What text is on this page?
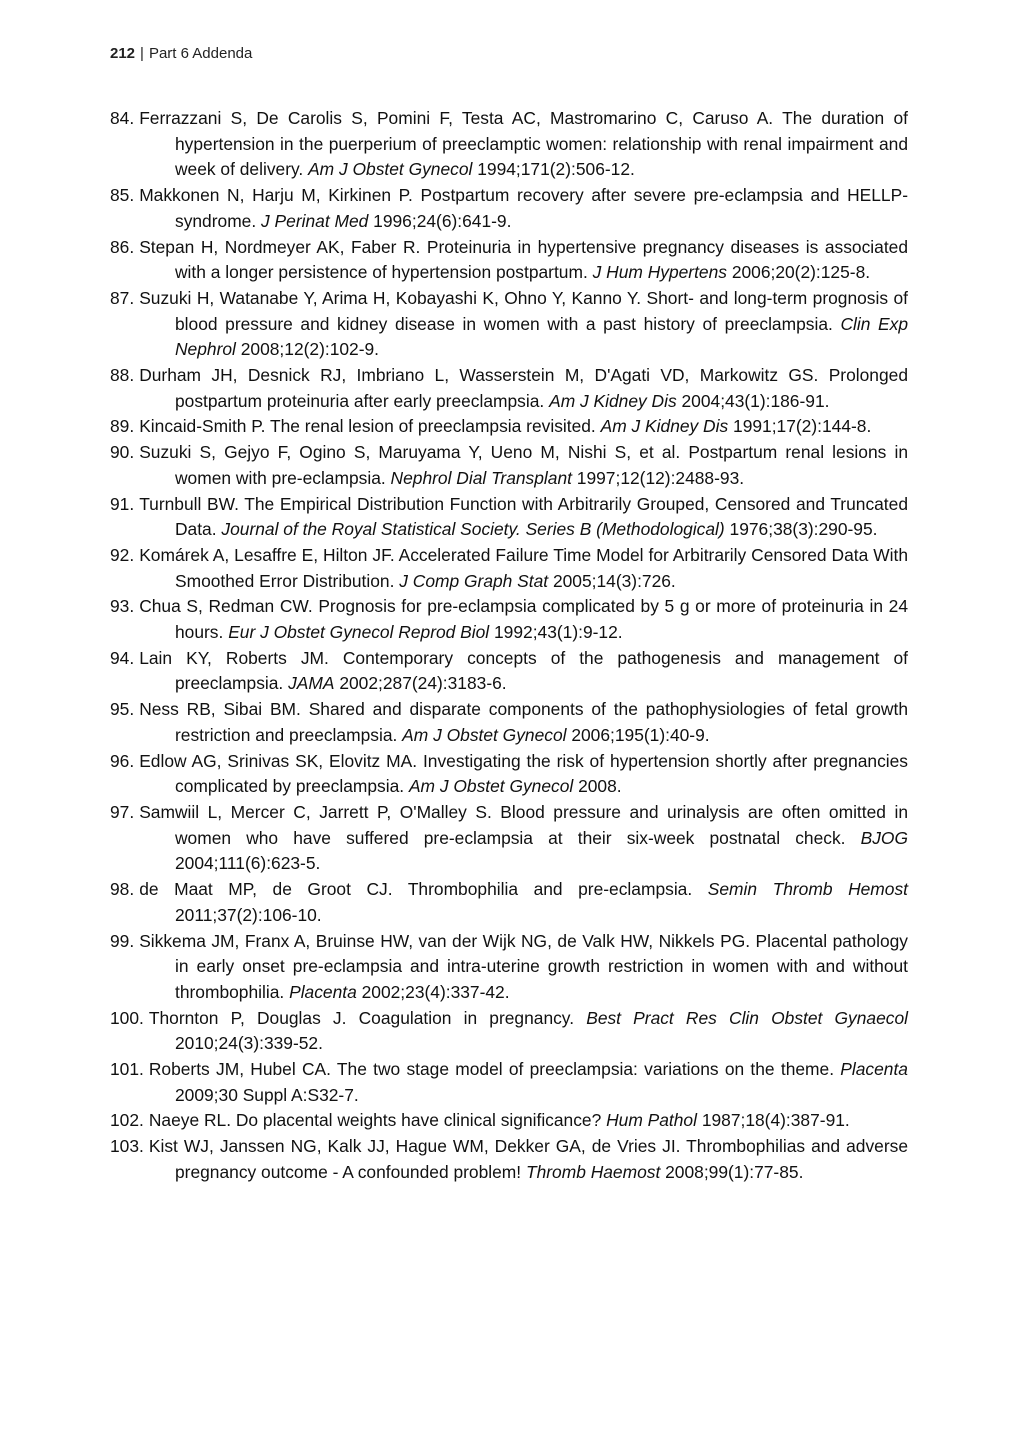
212 | Part 6 Addenda
84. Ferrazzani S, De Carolis S, Pomini F, Testa AC, Mastromarino C, Caruso A. The duration of hypertension in the puerperium of preeclamptic women: relationship with renal impairment and week of delivery. Am J Obstet Gynecol 1994;171(2):506-12.
85. Makkonen N, Harju M, Kirkinen P. Postpartum recovery after severe pre-eclampsia and HELLP-syndrome. J Perinat Med 1996;24(6):641-9.
86. Stepan H, Nordmeyer AK, Faber R. Proteinuria in hypertensive pregnancy diseases is associated with a longer persistence of hypertension postpartum. J Hum Hypertens 2006;20(2):125-8.
87. Suzuki H, Watanabe Y, Arima H, Kobayashi K, Ohno Y, Kanno Y. Short- and long-term prognosis of blood pressure and kidney disease in women with a past history of preeclampsia. Clin Exp Nephrol 2008;12(2):102-9.
88. Durham JH, Desnick RJ, Imbriano L, Wasserstein M, D'Agati VD, Markowitz GS. Prolonged postpartum proteinuria after early preeclampsia. Am J Kidney Dis 2004;43(1):186-91.
89. Kincaid-Smith P. The renal lesion of preeclampsia revisited. Am J Kidney Dis 1991;17(2):144-8.
90. Suzuki S, Gejyo F, Ogino S, Maruyama Y, Ueno M, Nishi S, et al. Postpartum renal lesions in women with pre-eclampsia. Nephrol Dial Transplant 1997;12(12):2488-93.
91. Turnbull BW. The Empirical Distribution Function with Arbitrarily Grouped, Censored and Truncated Data. Journal of the Royal Statistical Society. Series B (Methodological) 1976;38(3):290-95.
92. Komárek A, Lesaffre E, Hilton JF. Accelerated Failure Time Model for Arbitrarily Censored Data With Smoothed Error Distribution. J Comp Graph Stat 2005;14(3):726.
93. Chua S, Redman CW. Prognosis for pre-eclampsia complicated by 5 g or more of proteinuria in 24 hours. Eur J Obstet Gynecol Reprod Biol 1992;43(1):9-12.
94. Lain KY, Roberts JM. Contemporary concepts of the pathogenesis and management of preeclampsia. JAMA 2002;287(24):3183-6.
95. Ness RB, Sibai BM. Shared and disparate components of the pathophysiologies of fetal growth restriction and preeclampsia. Am J Obstet Gynecol 2006;195(1):40-9.
96. Edlow AG, Srinivas SK, Elovitz MA. Investigating the risk of hypertension shortly after pregnancies complicated by preeclampsia. Am J Obstet Gynecol 2008.
97. Samwiil L, Mercer C, Jarrett P, O'Malley S. Blood pressure and urinalysis are often omitted in women who have suffered pre-eclampsia at their six-week postnatal check. BJOG 2004;111(6):623-5.
98. de Maat MP, de Groot CJ. Thrombophilia and pre-eclampsia. Semin Thromb Hemost 2011;37(2):106-10.
99. Sikkema JM, Franx A, Bruinse HW, van der Wijk NG, de Valk HW, Nikkels PG. Placental pathology in early onset pre-eclampsia and intra-uterine growth restriction in women with and without thrombophilia. Placenta 2002;23(4):337-42.
100. Thornton P, Douglas J. Coagulation in pregnancy. Best Pract Res Clin Obstet Gynaecol 2010;24(3):339-52.
101. Roberts JM, Hubel CA. The two stage model of preeclampsia: variations on the theme. Placenta 2009;30 Suppl A:S32-7.
102. Naeye RL. Do placental weights have clinical significance? Hum Pathol 1987;18(4):387-91.
103. Kist WJ, Janssen NG, Kalk JJ, Hague WM, Dekker GA, de Vries JI. Thrombophilias and adverse pregnancy outcome - A confounded problem! Thromb Haemost 2008;99(1):77-85.
